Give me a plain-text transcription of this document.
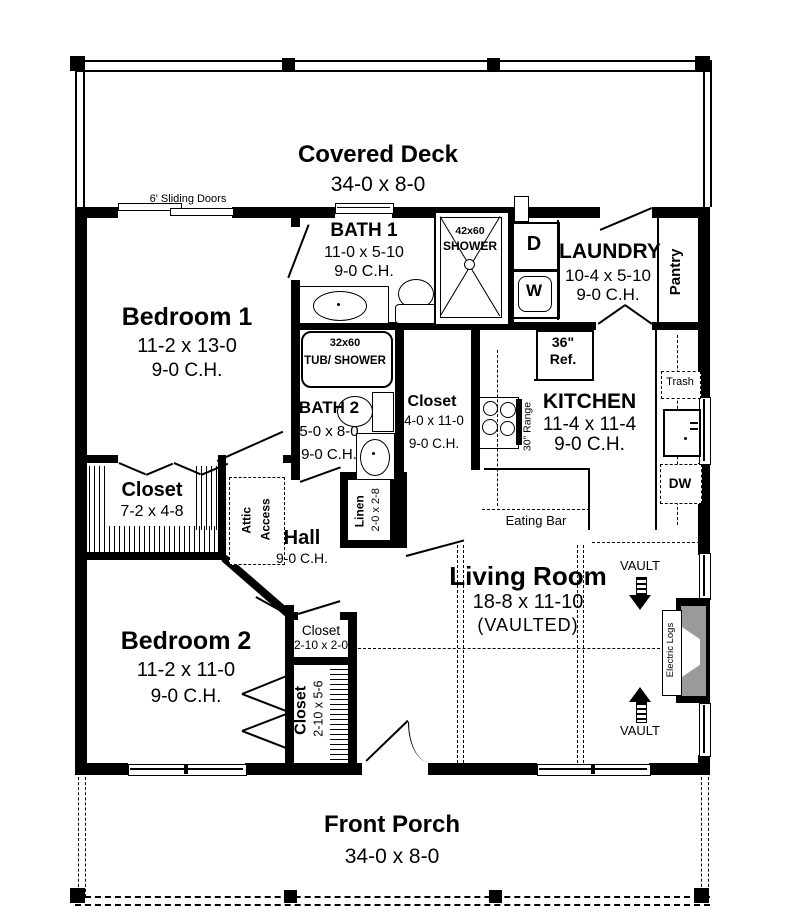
Covered Deck
34-0 x 8-0
6' Sliding Doors
Bedroom 1
11-2 x 13-0
9-0 C.H.
BATH 1
11-0 x 5-10
9-0 C.H.
42x60
SHOWER	D
W
LAUNDRY
10-4 x 5-10
9-0 C.H.	Pantry
36"
Ref.
KITCHEN
11-4 x 11-4
9-0 C.H.
30" Range
Trash
DW
Eating Bar
32x60
TUB/ SHOWER
BATH 2
5-0 x 8-0
9-0 C.H.
Closet
4-0 x 11-0
9-0 C.H.
Closet
7-2 x 4-8	Attic Access Hall
9-0 C.H.
Linen 2-0 x 2-8
Living Room
18-8 x 11-10
(VAULTED)
VAULT
VAULT
Electric Logs
Bedroom 2
11-2 x 11-0
9-0 C.H.
Closet
2-10 x 2-0
Closet 2-10 x 5-6
Front Porch
34-0 x 8-0
